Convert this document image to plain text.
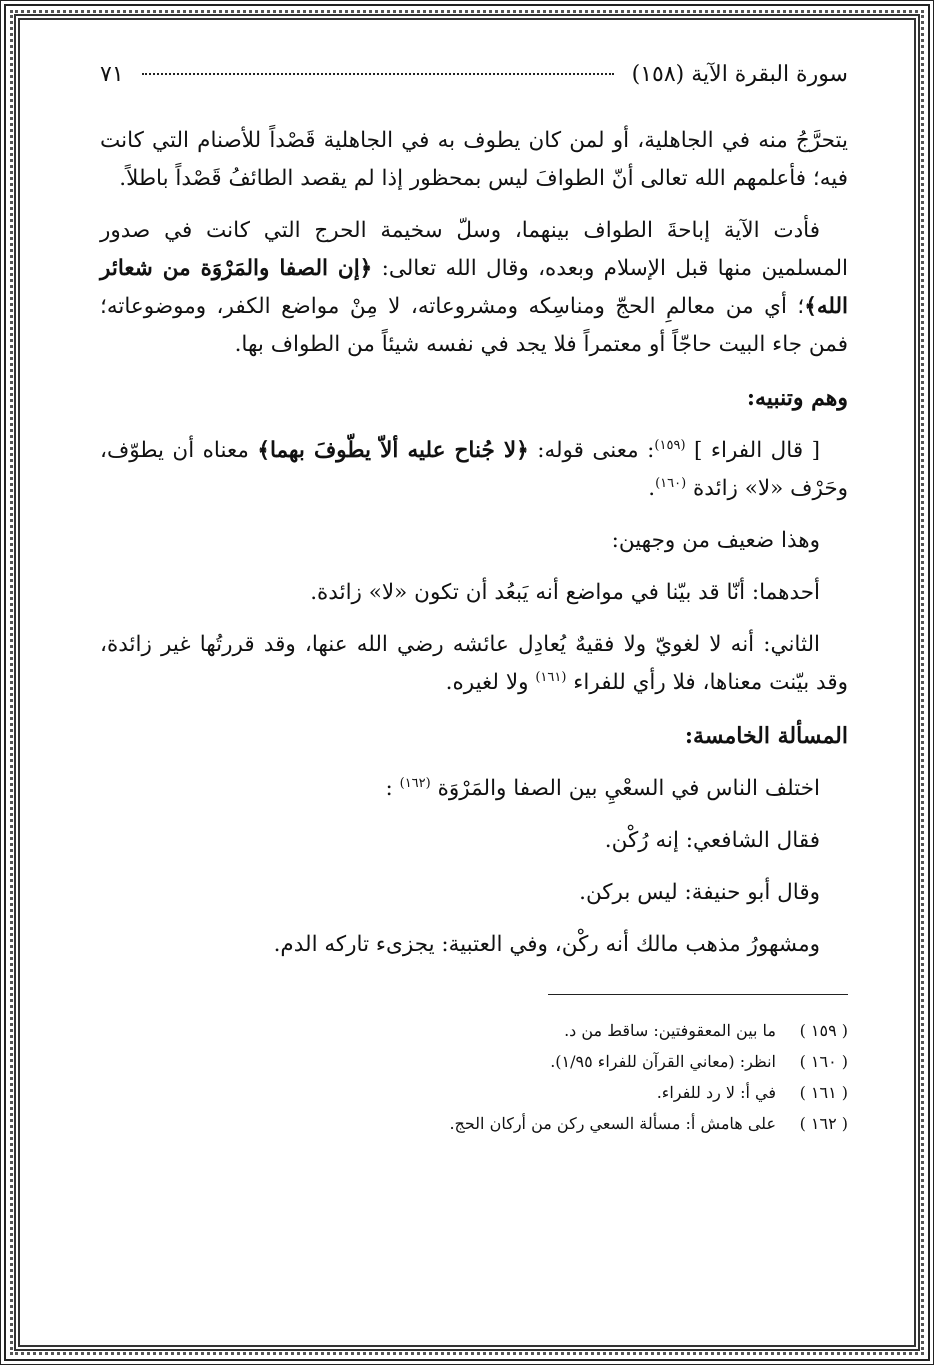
سورة البقرة الآية (١٥٨)
٧١

يتحرَّجُ منه في الجاهلية، أو لمن كان يطوف به في الجاهلية قَصْداً للأصنام التي كانت فيه؛ فأعلمهم الله تعالى أنّ الطوافَ ليس بمحظور إذا لم يقصد الطائفُ قَصْداً باطلاً.

فأدت الآية إباحةَ الطواف بينهما، وسلّ سخيمة الحرج التي كانت في صدور المسلمين منها قبل الإسلام وبعده، وقال الله تعالى: ﴿إن الصفا والمَرْوَة من شعائر الله﴾؛ أي من معالمِ الحجّ ومناسِكه ومشروعاته، لا مِنْ مواضع الكفر، وموضوعاته؛ فمن جاء البيت حاجّاً أو معتمراً فلا يجد في نفسه شيئاً من الطواف بها.

وهم وتنبيه:

[ قال الفراء ] $^{(١٥٩)}$: معنى قوله: ﴿لا جُناح عليه ألاّ يطّوفَ بهما﴾ معناه أن يطوّف، وحَرْف «لا» زائدة $^{(١٦٠)}$.

وهذا ضعيف من وجهين:

أحدهما: أنّا قد بيّنا في مواضع أنه يَبعُد أن تكون «لا» زائدة.

الثاني: أنه لا لغويّ ولا فقيهٌ يُعادِل عائشه رضي الله عنها، وقد قررتُها غير زائدة، وقد بيّنت معناها، فلا رأي للفراء $^{(١٦١)}$ ولا لغيره.

المسألة الخامسة:

اختلف الناس في السعْيِ بين الصفا والمَرْوَة $^{(١٦٢)}$ :

فقال الشافعي: إنه رُكْن.

وقال أبو حنيفة: ليس بركن.

ومشهورُ مذهب مالك أنه ركْن، وفي العتبية: يجزىء تاركه الدم.

( ١٥٩ )ما بين المعقوفتين: ساقط من د.
( ١٦٠ )انظر: (معاني القرآن للفراء ١/٩٥).
( ١٦١ )في أ: لا رد للفراء.
( ١٦٢ )على هامش أ: مسألة السعي ركن من أركان الحج.
